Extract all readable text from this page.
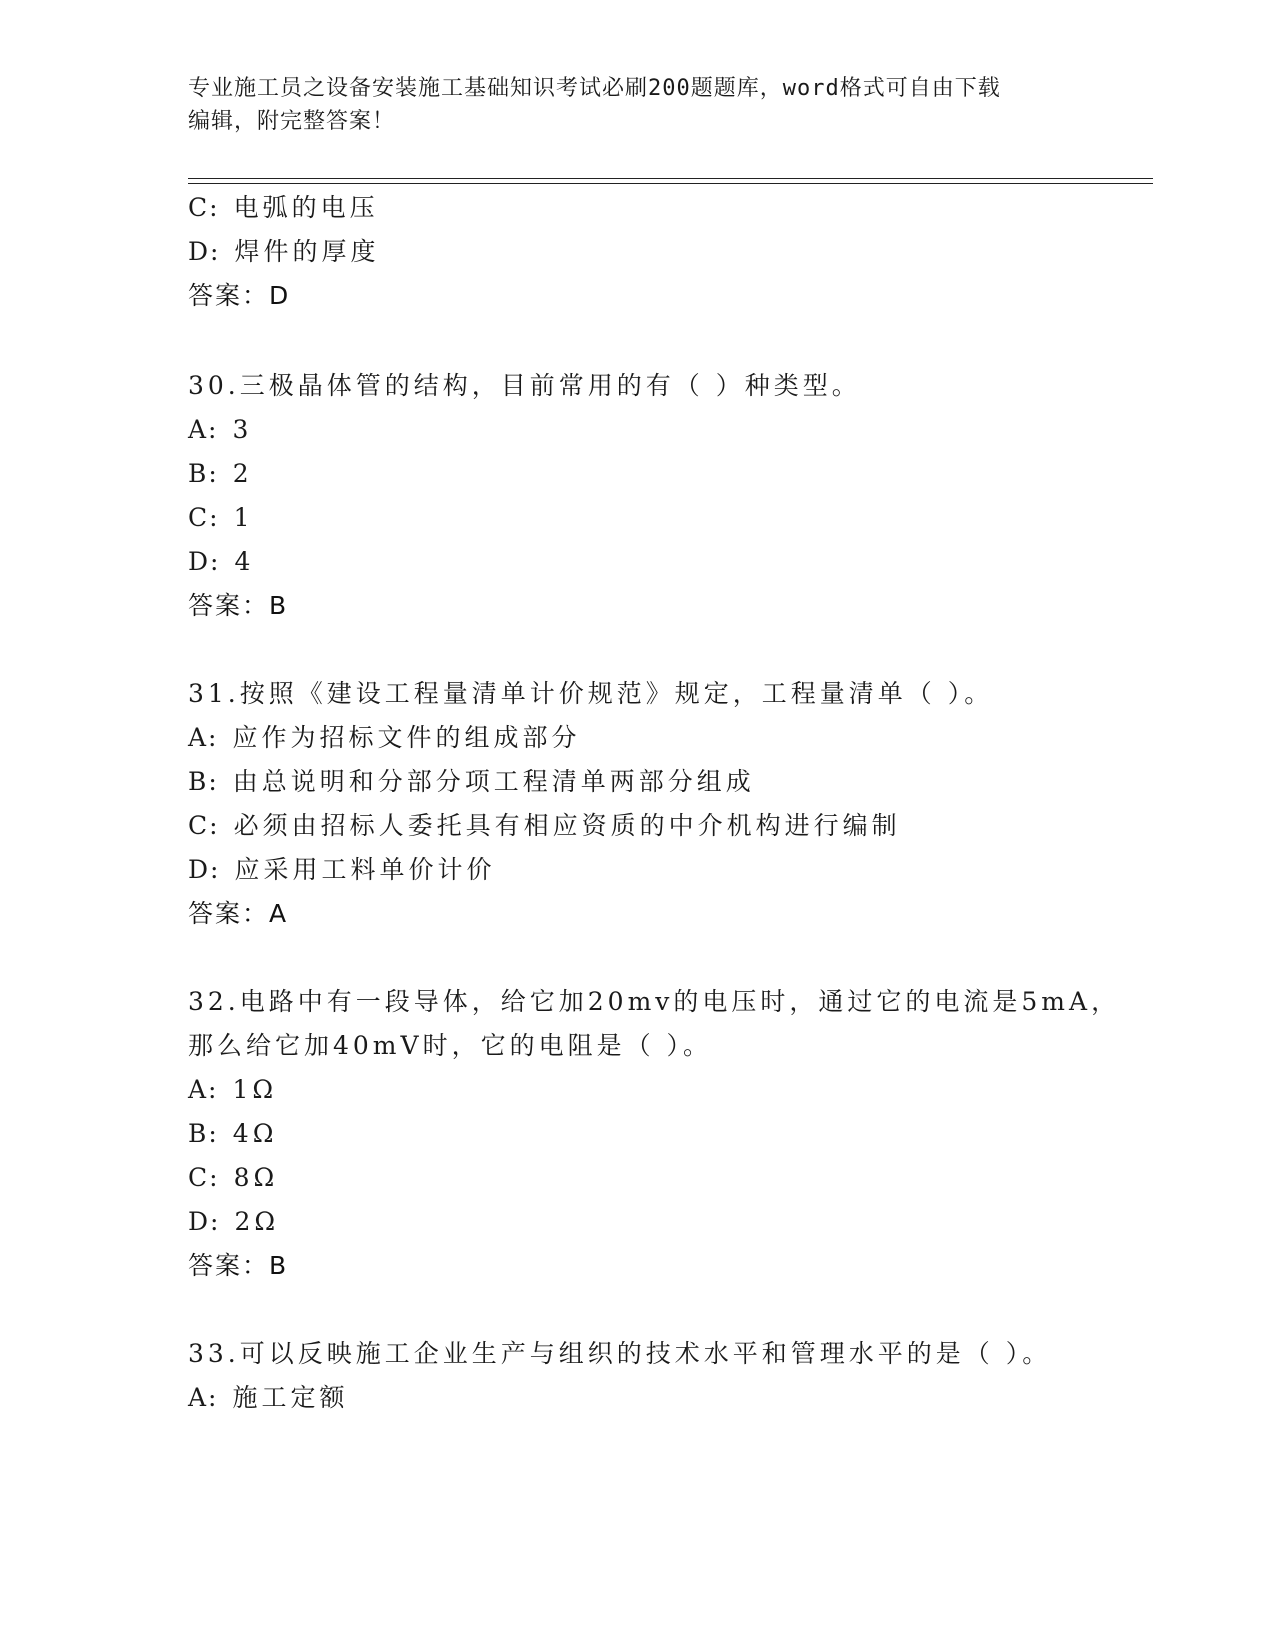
专业施工员之设备安装施工基础知识考试必刷200题题库，word格式可自由下载
编辑，附完整答案！
C: 电弧的电压
D: 焊件的厚度
答案：D
30.三极晶体管的结构，目前常用的有（ ）种类型。
A: 3
B: 2
C: 1
D: 4
答案：B
31.按照《建设工程量清单计价规范》规定，工程量清单（ ）。
A: 应作为招标文件的组成部分
B: 由总说明和分部分项工程清单两部分组成
C: 必须由招标人委托具有相应资质的中介机构进行编制
D: 应采用工料单价计价
答案：A
32.电路中有一段导体，给它加20mv的电压时，通过它的电流是5mA，
那么给它加40mV时，它的电阻是（ ）。
A: 1Ω
B: 4Ω
C: 8Ω
D: 2Ω
答案：B
33.可以反映施工企业生产与组织的技术水平和管理水平的是（ ）。
A: 施工定额
